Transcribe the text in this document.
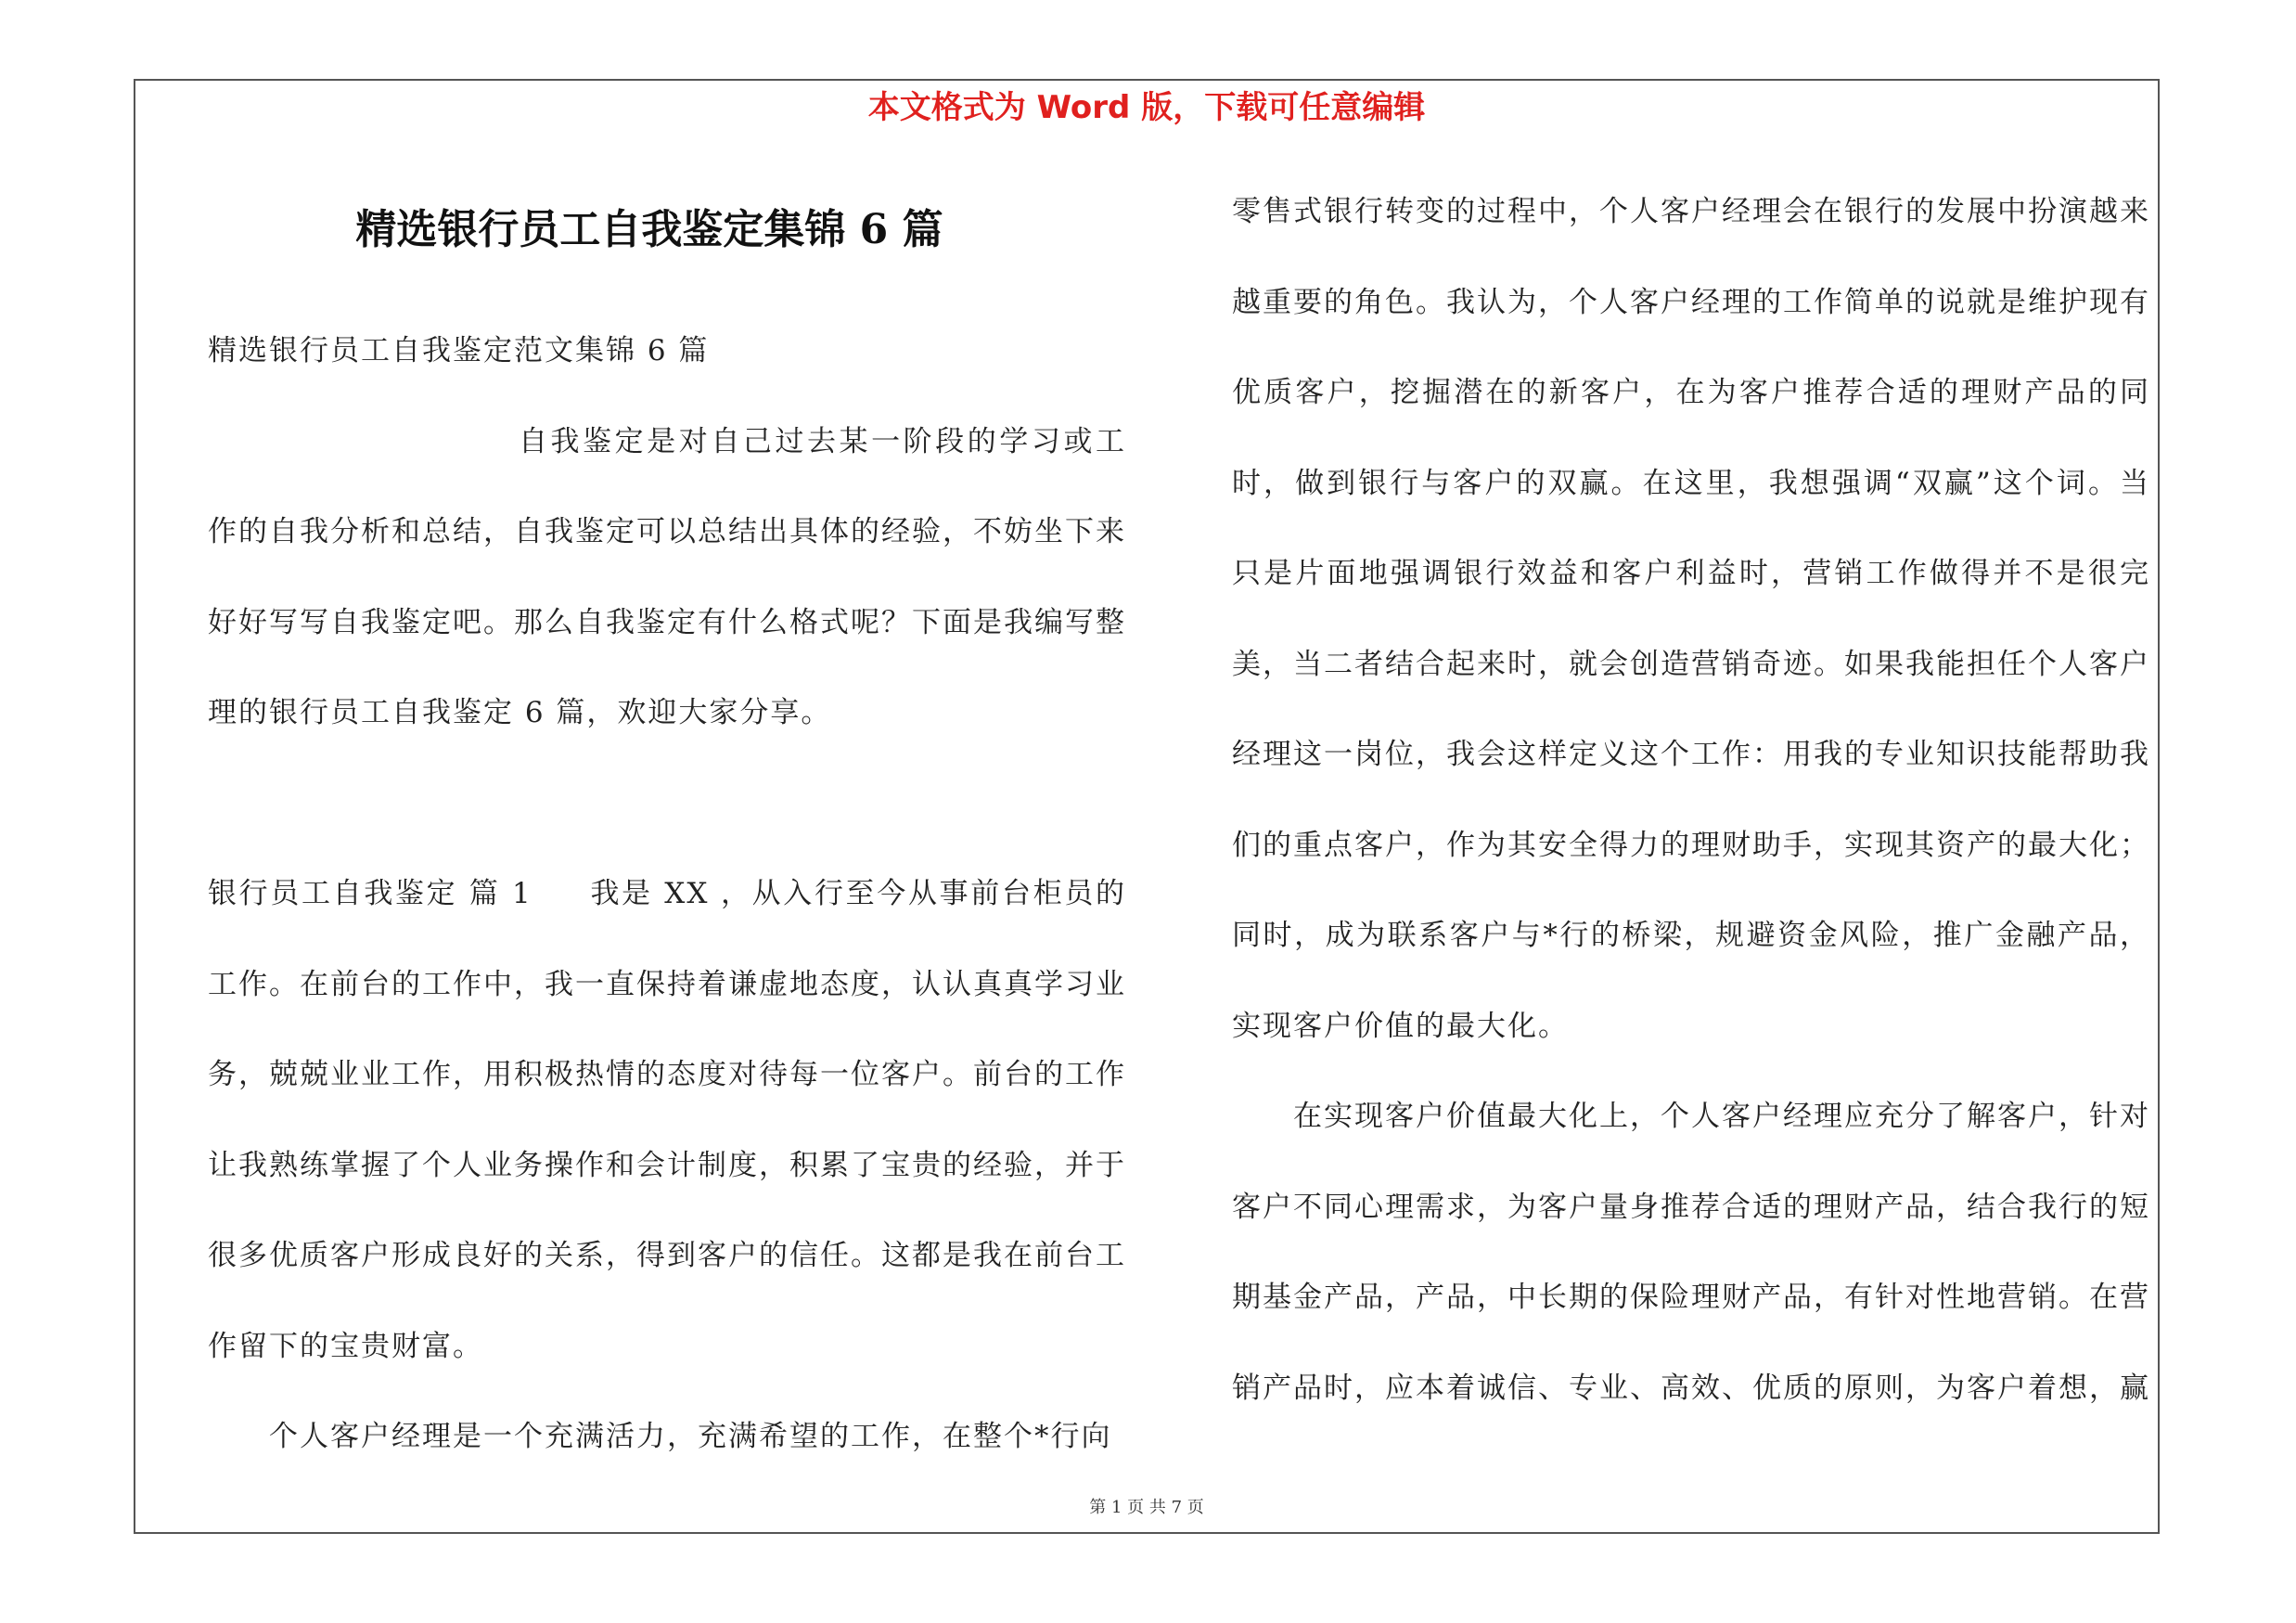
本文格式为 Word 版，下载可任意编辑
精选银行员工自我鉴定集锦 6 篇

精选银行员工自我鉴定范文集锦 6 篇

自我鉴定是对自己过去某一阶段的学习或工作的自我分析和总结，自我鉴定可以总结出具体的经验，不妨坐下来好好写写自我鉴定吧。那么自我鉴定有什么格式呢？下面是我编写整理的银行员工自我鉴定 6 篇，欢迎大家分享。

银行员工自我鉴定 篇 1 我是 XX ，从入行至今从事前台柜员的工作。在前台的工作中，我一直保持着谦虚地态度，认认真真学习业务，兢兢业业工作，用积极热情的态度对待每一位客户。前台的工作让我熟练掌握了个人业务操作和会计制度，积累了宝贵的经验，并于很多优质客户形成良好的关系，得到客户的信任。这都是我在前台工作留下的宝贵财富。

个人客户经理是一个充满活力，充满希望的工作，在整个*行向

零售式银行转变的过程中，个人客户经理会在银行的发展中扮演越来越重要的角色。我认为，个人客户经理的工作简单的说就是维护现有优质客户，挖掘潜在的新客户，在为客户推荐合适的理财产品的同时，做到银行与客户的双赢。在这里，我想强调“双赢”这个词。当只是片面地强调银行效益和客户利益时，营销工作做得并不是很完美，当二者结合起来时，就会创造营销奇迹。如果我能担任个人客户经理这一岗位，我会这样定义这个工作：用我的专业知识技能帮助我们的重点客户，作为其安全得力的理财助手，实现其资产的最大化；同时，成为联系客户与*行的桥梁，规避资金风险，推广金融产品，实现客户价值的最大化。

在实现客户价值最大化上，个人客户经理应充分了解客户，针对客户不同心理需求，为客户量身推荐合适的理财产品，结合我行的短期基金产品，产品，中长期的保险理财产品，有针对性地营销。在营销产品时，应本着诚信、专业、高效、优质的原则，为客户着想，赢

第 1 页 共 7 页
